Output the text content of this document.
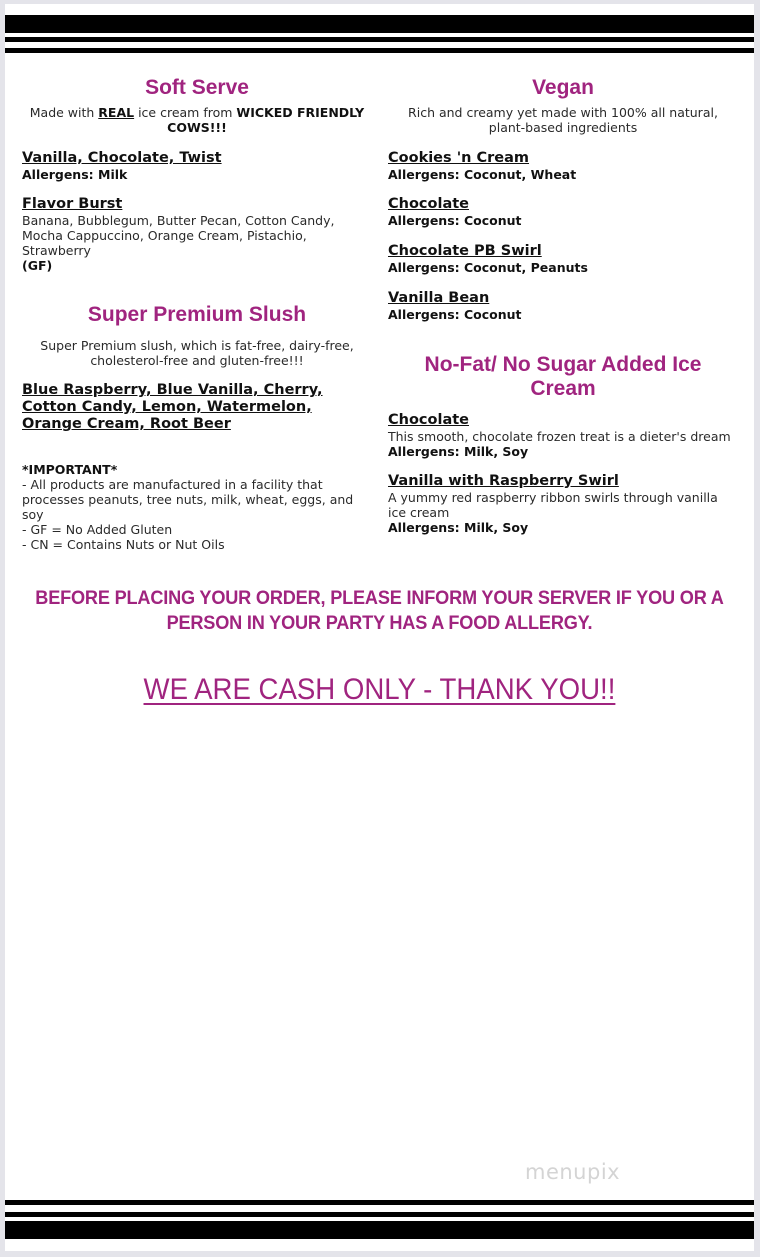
Soft Serve
Made with REAL ice cream from WICKED FRIENDLY COWS!!!
Vanilla, Chocolate, Twist
Allergens: Milk
Flavor Burst
Banana, Bubblegum, Butter Pecan, Cotton Candy, Mocha Cappuccino, Orange Cream, Pistachio, Strawberry
(GF)
Super Premium Slush
Super Premium slush, which is fat-free, dairy-free, cholesterol-free and gluten-free!!!
Blue Raspberry, Blue Vanilla, Cherry, Cotton Candy, Lemon, Watermelon, Orange Cream, Root Beer
*IMPORTANT*
- All products are manufactured in a facility that processes peanuts, tree nuts, milk, wheat, eggs, and soy
- GF = No Added Gluten
- CN = Contains Nuts or Nut Oils
Vegan
Rich and creamy yet made with 100% all natural, plant-based ingredients
Cookies 'n Cream
Allergens: Coconut, Wheat
Chocolate
Allergens: Coconut
Chocolate PB Swirl
Allergens: Coconut, Peanuts
Vanilla Bean
Allergens: Coconut
No-Fat/ No Sugar Added Ice Cream
Chocolate
This smooth, chocolate frozen treat is a dieter's dream
Allergens: Milk, Soy
Vanilla with Raspberry Swirl
A yummy red raspberry ribbon swirls through vanilla ice cream
Allergens: Milk, Soy
BEFORE PLACING YOUR ORDER, PLEASE INFORM YOUR SERVER IF YOU OR A PERSON IN YOUR PARTY HAS A FOOD ALLERGY.
WE ARE CASH ONLY - THANK YOU!!
menupix
